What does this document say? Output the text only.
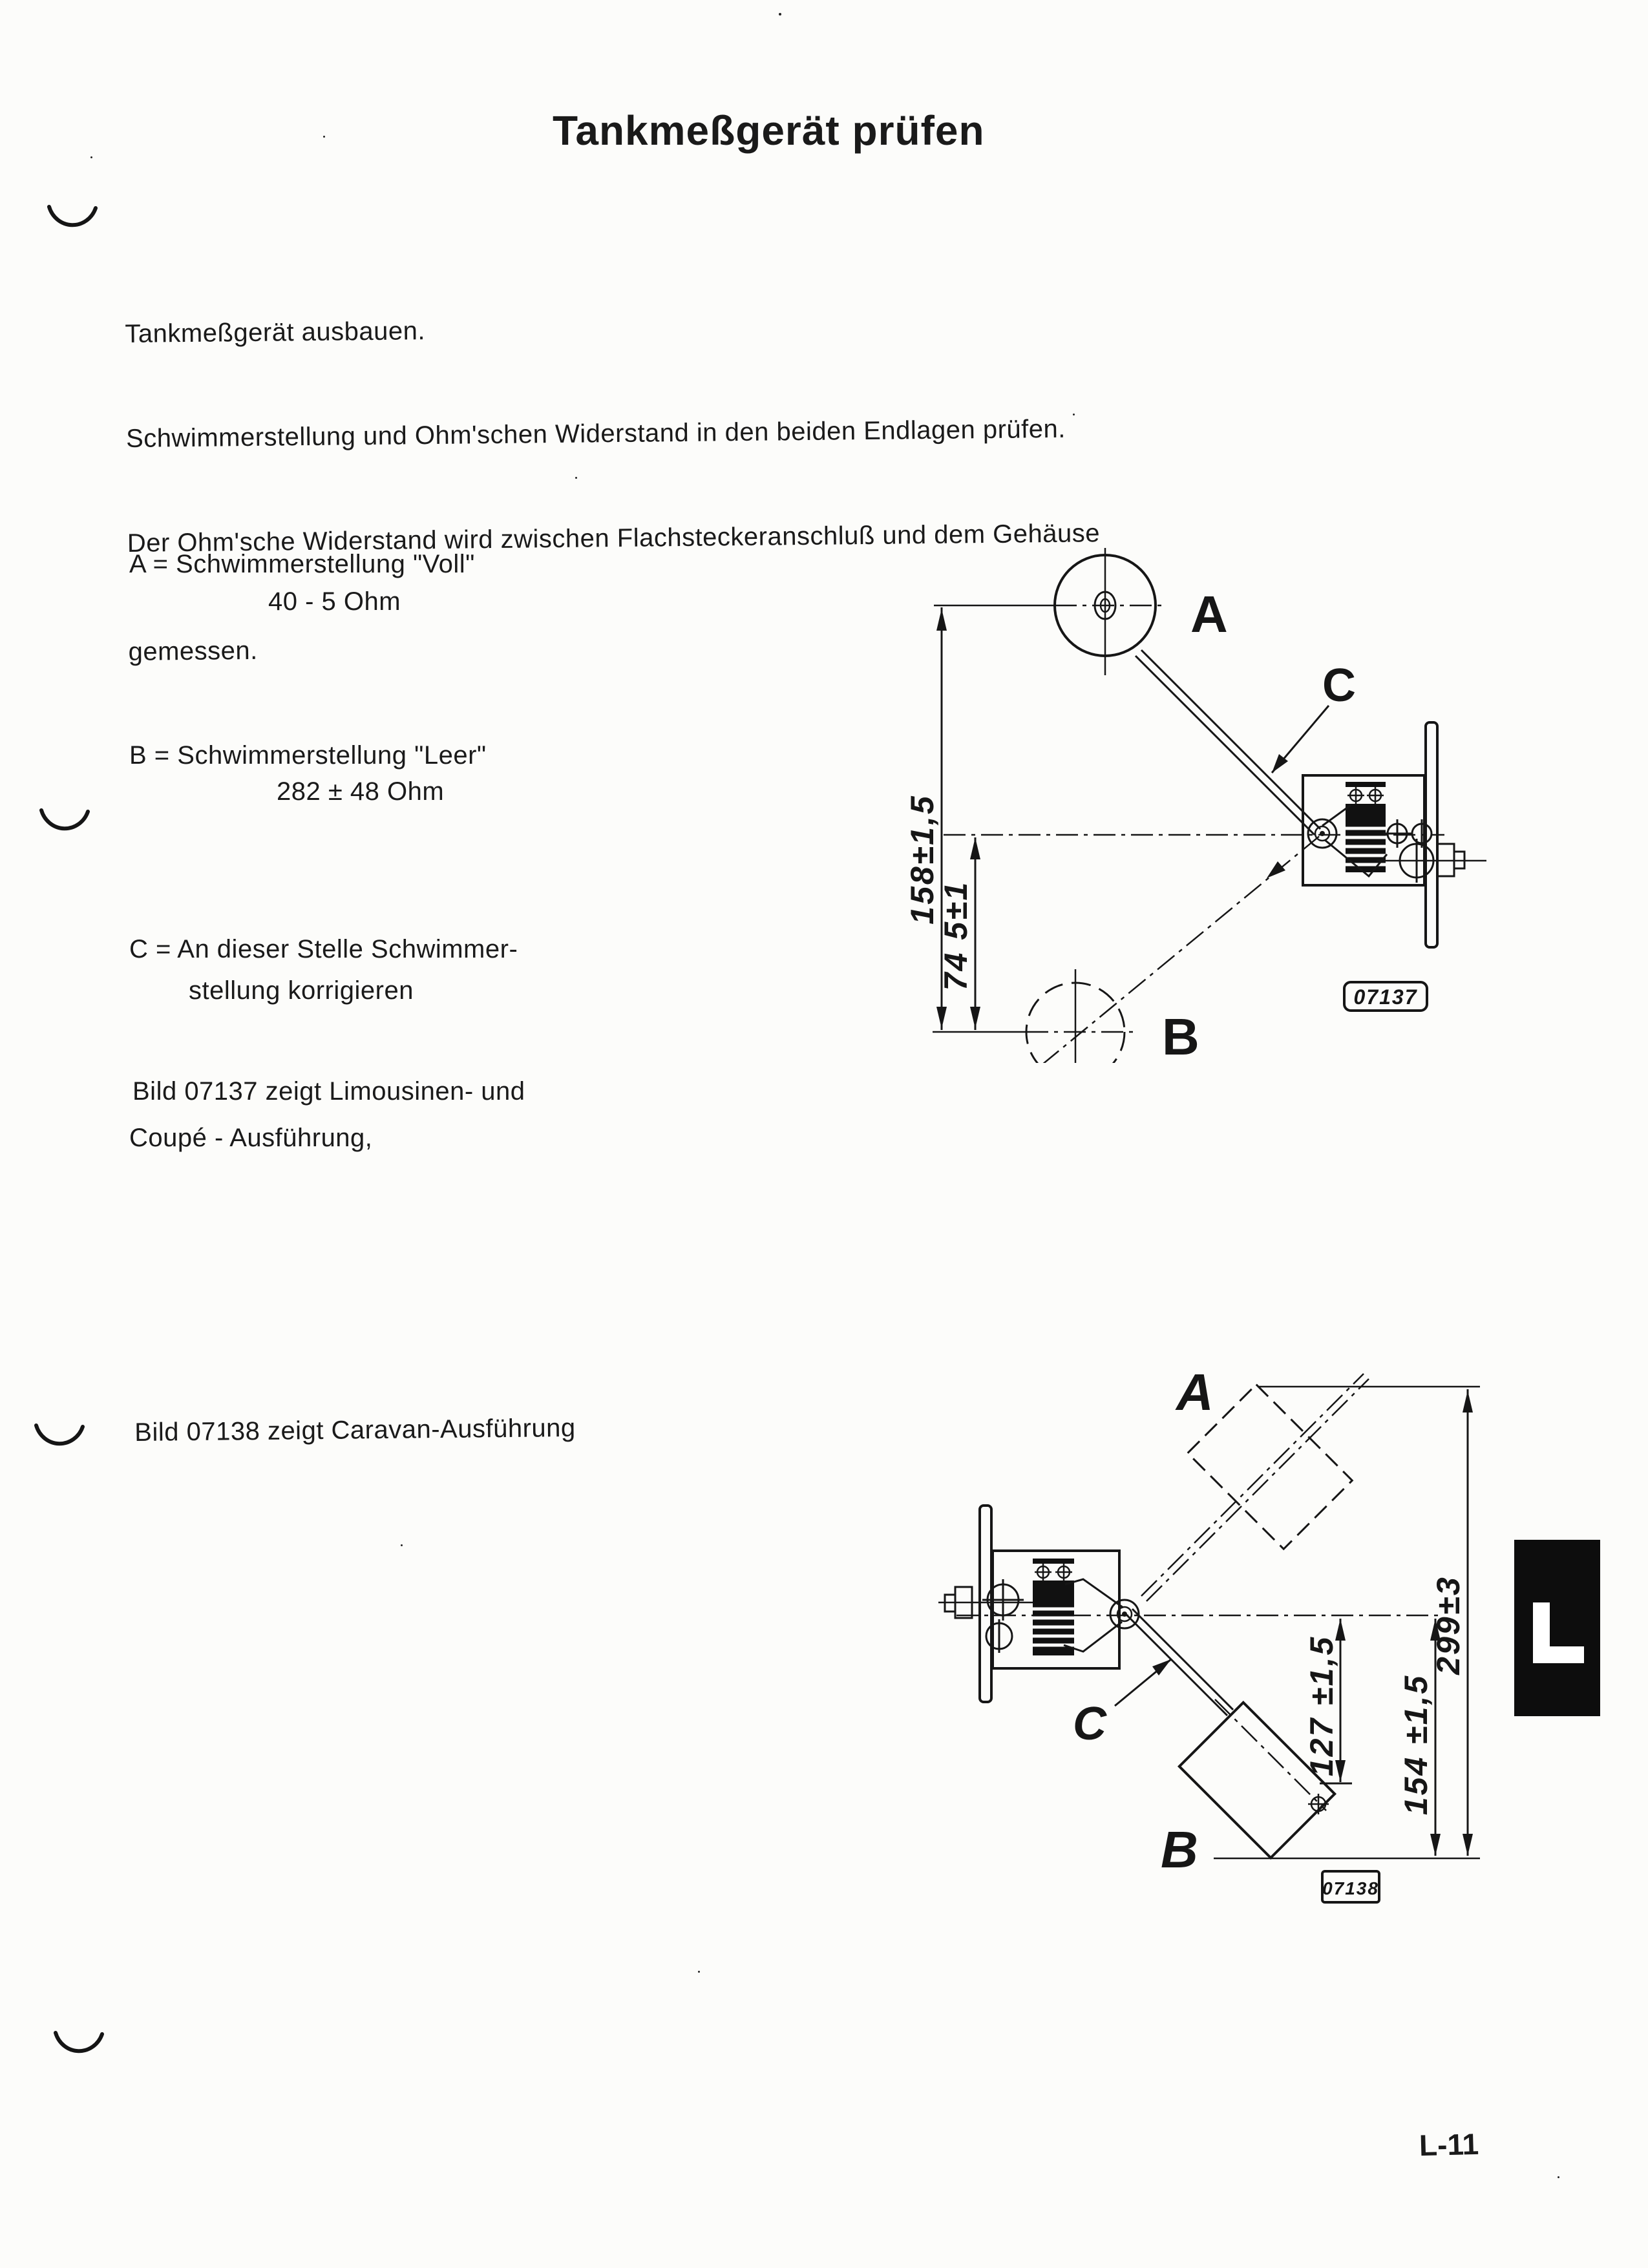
Tankmeßgerät prüfen

Tankmeßgerät ausbauen.

Schwimmerstellung und Ohm'schen Widerstand in den beiden Endlagen prüfen.

Der Ohm'sche Widerstand wird zwischen Flachsteckeranschluß und dem Gehäuse

gemessen.

A = Schwimmerstellung "Voll"
40 - 5 Ohm
B = Schwimmerstellung "Leer"
282 ± 48 Ohm
C = An dieser Stelle Schwimmer-
stellung korrigieren
Bild 07137 zeigt Limousinen- und
Coupé - Ausführung,
Bild 07138 zeigt Caravan-Ausführung
158±1,5
74 5±1
C
A
B
07137
A
B
C	127 ±1,5 154 ±1,5
299±3
07138
L-11
